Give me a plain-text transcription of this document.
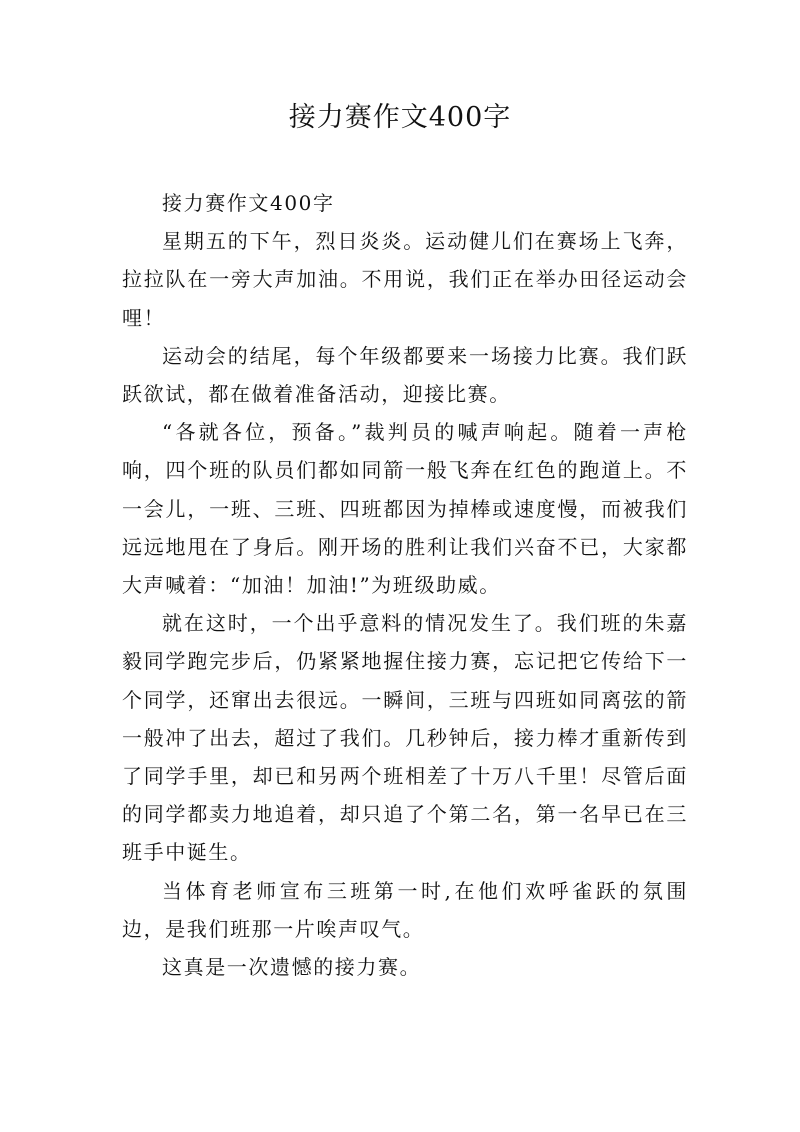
接力赛作文400字

接力赛作文400字

星期五的下午，烈日炎炎。运动健儿们在赛场上飞奔，拉拉队在一旁大声加油。不用说，我们正在举办田径运动会哩！

运动会的结尾，每个年级都要来一场接力比赛。我们跃跃欲试，都在做着准备活动，迎接比赛。

“各就各位，预备。”裁判员的喊声响起。随着一声枪响，四个班的队员们都如同箭一般飞奔在红色的跑道上。不一会儿，一班、三班、四班都因为掉棒或速度慢，而被我们远远地甩在了身后。刚开场的胜利让我们兴奋不已，大家都大声喊着：“加油！加油!”为班级助威。

就在这时，一个出乎意料的情况发生了。我们班的朱嘉毅同学跑完步后，仍紧紧地握住接力赛，忘记把它传给下一个同学，还窜出去很远。一瞬间，三班与四班如同离弦的箭一般冲了出去，超过了我们。几秒钟后，接力棒才重新传到了同学手里，却已和另两个班相差了十万八千里！尽管后面的同学都卖力地追着，却只追了个第二名，第一名早已在三班手中诞生。

当体育老师宣布三班第一时,在他们欢呼雀跃的氛围边，是我们班那一片唉声叹气。

这真是一次遗憾的接力赛。
